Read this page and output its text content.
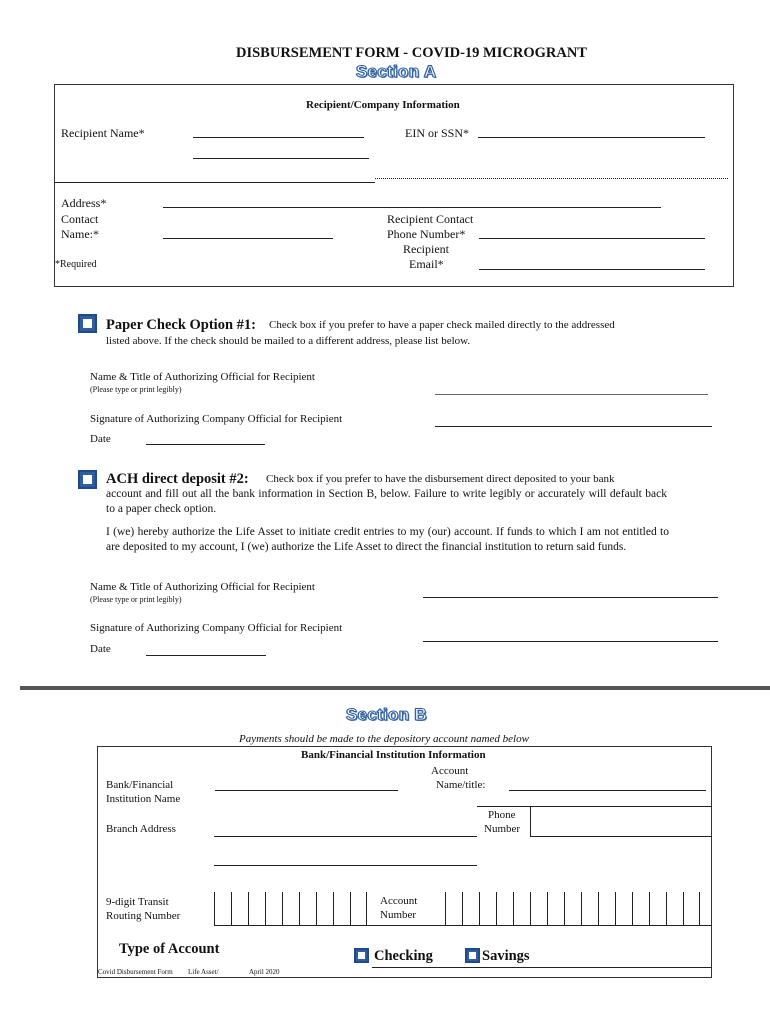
DISBURSEMENT FORM - COVID-19 MICROGRANT
Section A
Recipient/Company Information
Recipient Name*	EIN or SSN*
Address*
Contact
Name:*
Recipient Contact
Phone Number*
Recipient
Email*
*Required
Paper Check Option #1: Check box if you prefer to have a paper check mailed directly to the addressed
listed above. If the check should be mailed to a different address, please list below.
Name & Title of Authorizing Official for Recipient
(Please type or print legibly)
Signature of Authorizing Company Official for Recipient
Date
ACH direct deposit #2: Check box if you prefer to have the disbursement direct deposited to your bank
account and fill out all the bank information in Section B, below. Failure to write legibly or accurately will default back to a paper check option.
I (we) hereby authorize the Life Asset to initiate credit entries to my (our) account. If funds to which I am not entitled to are deposited to my account, I (we) authorize the Life Asset to direct the financial institution to return said funds.
Name & Title of Authorizing Official for Recipient
(Please type or print legibly)
Signature of Authorizing Company Official for Recipient
Date
Section B
Payments should be made to the depository account named below
Bank/Financial Institution Information
Bank/Financial
Institution Name
Account
Name/title:
Phone
Number
Branch Address
9-digit Transit
Routing Number
Account
Number
Type of Account	Checking	Savings
Covid Disbursement Form Life Asset/	April 2020
